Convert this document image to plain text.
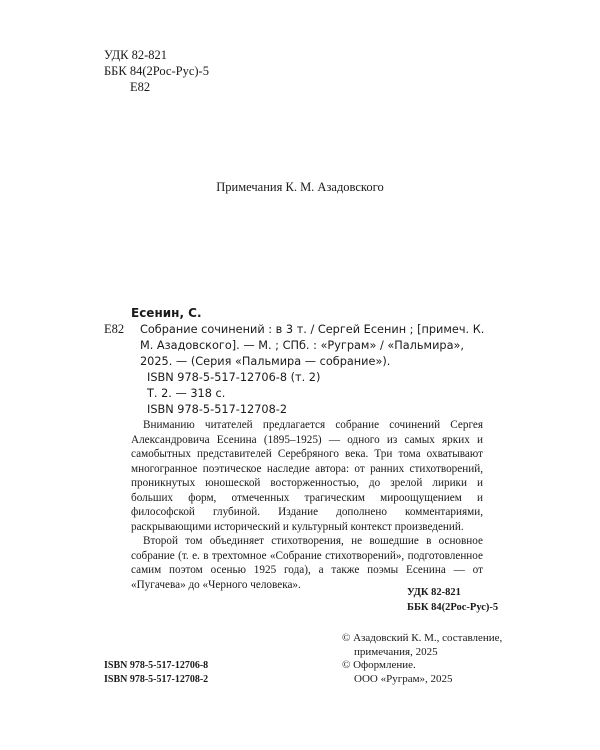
УДК 82-821
ББК 84(2Рос-Рус)-5
Е82
Примечания К. М. Азадовского
Есенин, С.
Е82 Собрание сочинений : в 3 т. / Сергей Есенин ; [примеч. К. М. Азадовского]. — М. ; СПб. : «Руграм» / «Пальмира», 2025. — (Серия «Пальмира — собрание»).
ISBN 978-5-517-12706-8 (т. 2)
Т. 2. — 318 с.
ISBN 978-5-517-12708-2

Вниманию читателей предлагается собрание сочинений Сергея Александровича Есенина (1895–1925) — одного из самых ярких и самобытных представителей Серебряного века. Три тома охватывают многогранное поэтическое наследие автора: от ранних стихотворений, проникнутых юношеской восторженностью, до зрелой лирики и больших форм, отмеченных трагическим мироощущением и философской глубиной. Издание дополнено комментариями, раскрывающими исторический и культурный контекст произведений.

Второй том объединяет стихотворения, не вошедшие в основное собрание (т. е. в трехтомное «Собрание стихотворений», подготовленное самим поэтом осенью 1925 года), а также поэмы Есенина — от «Пугачева» до «Черного человека».

УДК 82-821
ББК 84(2Рос-Рус)-5
ISBN 978-5-517-12706-8
ISBN 978-5-517-12708-2
© Азадовский К. М., составление,
примечания, 2025
© Оформление.
ООО «Руграм», 2025
